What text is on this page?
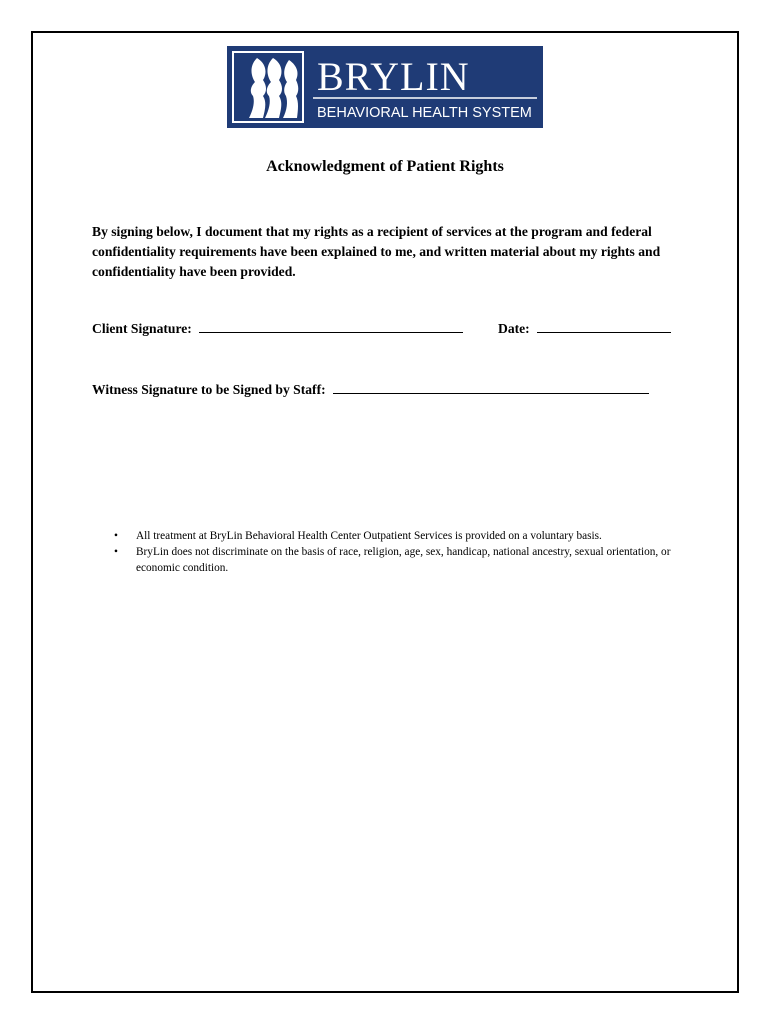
BRYLIN
BEHAVIORAL HEALTH SYSTEM
Acknowledgment of Patient Rights
By signing below, I document that my rights as a recipient of services at the program and federal confidentiality requirements have been explained to me, and written material about my rights and confidentiality have been provided.
Client Signature:	Date:
Witness Signature to be Signed by Staff:
• All treatment at BryLin Behavioral Health Center Outpatient Services is provided on a voluntary basis.
• BryLin does not discriminate on the basis of race, religion, age, sex, handicap, national ancestry, sexual orientation, or economic condition.
